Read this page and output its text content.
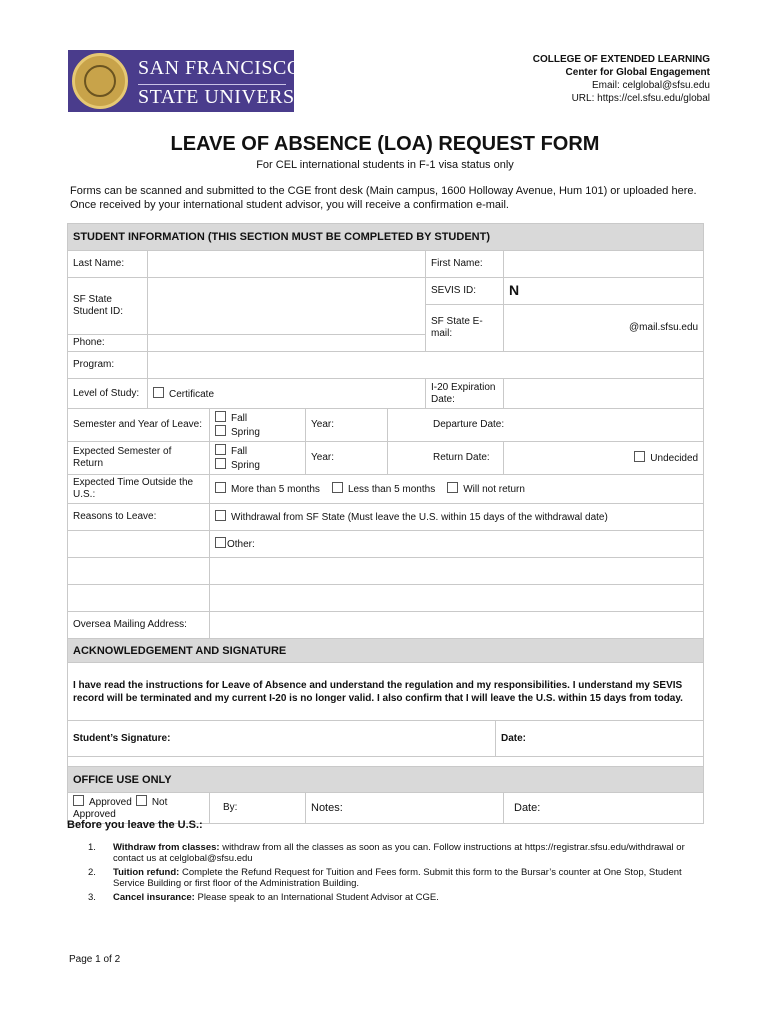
SAN FRANCISCO
STATE UNIVERSITY
COLLEGE OF EXTENDED LEARNING
Center for Global Engagement
Email: celglobal@sfsu.edu
URL: https://cel.sfsu.edu/global
LEAVE OF ABSENCE (LOA) REQUEST FORM
For CEL international students in F-1 visa status only
Forms can be scanned and submitted to the CGE front desk (Main campus, 1600 Holloway Avenue, Hum 101) or uploaded here. Once received by your international student advisor, you will receive a confirmation e-mail.
STUDENT INFORMATION (THIS SECTION MUST BE COMPLETED BY STUDENT)							
Last Name:					First Name:		
SF State Student ID:					SEVIS ID:		N
					SF State E-mail:		@mail.sfsu.edu
Phone:							
Program:							
Level of Study:	Certificate				I-20 Expiration Date:		
Semester and Year of Leave:		FallSpring	Year:	Departure Date:			
Expected Semester of Return		FallSpring	Year:	Return Date:			Undecided
Expected Time Outside the U.S.:		More than 5 months Less than 5 months Will not return					
Reasons to Leave:		Withdrawal from SF State (Must leave the U.S. within 15 days of the withdrawal date)					
		Other:					

Oversea Mailing Address:							
ACKNOWLEDGEMENT AND SIGNATURE							
I have read the instructions for Leave of Absence and understand the regulation and my responsibilities. I understand my SEVIS record will be terminated and my current I-20 is no longer valid. I also confirm that I will leave the U.S. within 15 days from today.							
Student’s Signature:						Date:	

OFFICE USE ONLY							
Approved Not Approved		By:	Notes:				Date:
Before you leave the U.S.:
1. Withdraw from classes: withdraw from all the classes as soon as you can. Follow instructions at https://registrar.sfsu.edu/withdrawal or contact us at celglobal@sfsu.edu
2. Tuition refund: Complete the Refund Request for Tuition and Fees form. Submit this form to the Bursar’s counter at One Stop, Student Service Building or first floor of the Administration Building.
3. Cancel insurance: Please speak to an International Student Advisor at CGE.
Page 1 of 2
